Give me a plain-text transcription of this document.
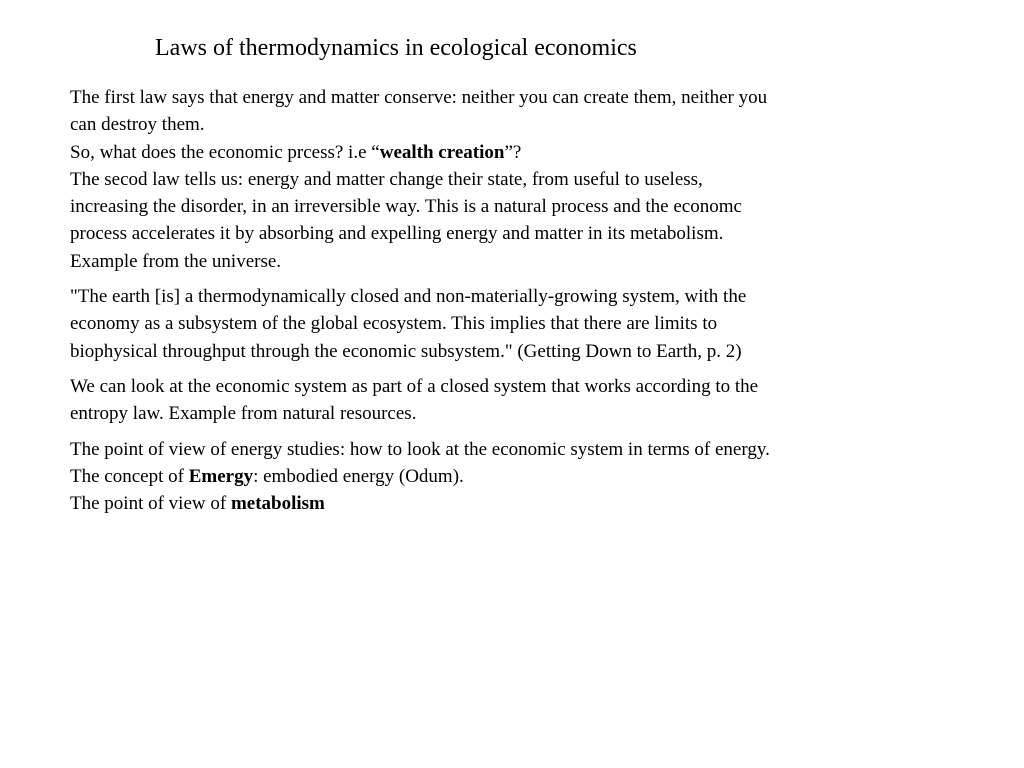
Laws of thermodynamics in ecological economics
The first law says that energy and matter conserve: neither you can create them, neither you
can destroy them.
So, what does the economic prcess? i.e “wealth creation”?
The secod law tells us: energy and matter change their state, from useful to useless,
increasing the disorder, in an irreversible way. This is a natural process and the economc
process accelerates it by absorbing and expelling energy and matter in its metabolism.
Example from the universe.
"The earth [is] a thermodynamically closed and non-materially-growing system, with the
economy as a subsystem of the global ecosystem. This implies that there are limits to
biophysical throughput through the economic subsystem." (Getting Down to Earth, p. 2)
We can look at the economic system as part of a closed system that works according to the
entropy law. Example from natural resources.
The point of view of energy studies: how to look at the economic system in terms of energy.
The concept of Emergy: embodied energy (Odum).
The point of view of metabolism
